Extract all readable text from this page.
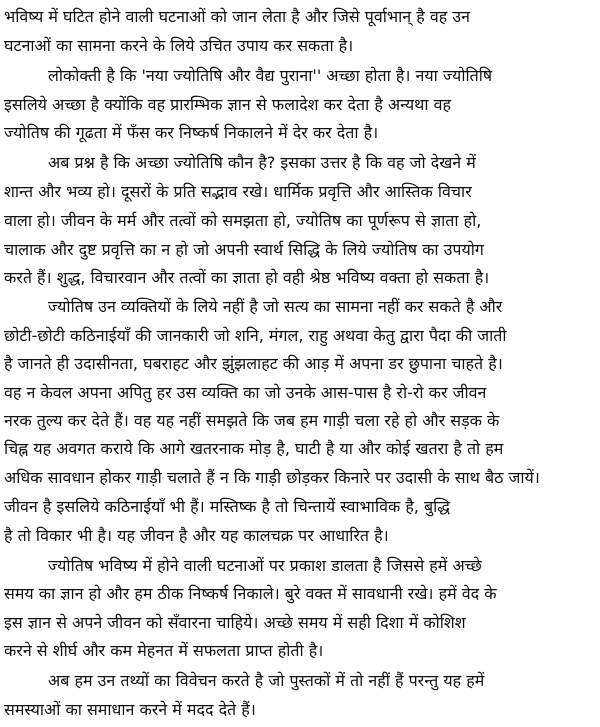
भविष्य में घटित होने वाली घटनाओं को जान लेता है और जिसे पूर्वाभान् है वह उन

घटनाओं का सामना करने के लिये उचित उपाय कर सकता है।

लोकोक्ती है कि 'नया ज्योतिषि और वैद्य पुराना'' अच्छा होता है। नया ज्योतिषि

इसलिये अच्छा है क्योंकि वह प्रारम्भिक ज्ञान से फलादेश कर देता है अन्यथा वह

ज्योतिष की गूढता में फँस कर निष्कर्ष निकालने में देर कर देता है।

अब प्रश्न है कि अच्छा ज्योतिषि कौन है? इसका उत्तर है कि वह जो देखने में

शान्त और भव्य हो। दूसरों के प्रति सद्भाव रखे। धार्मिक प्रवृत्ति और आस्तिक विचार

वाला हो। जीवन के मर्म और तत्वों को समझता हो, ज्योतिष का पूर्णरूप से ज्ञाता हो,

चालाक और दुष्ट प्रवृत्ति का न हो जो अपनी स्वार्थ सिद्धि के लिये ज्योतिष का उपयोग

करते हैं। शुद्ध, विचारवान और तत्वों का ज्ञाता हो वही श्रेष्ठ भविष्य वक्ता हो सकता है।

ज्योतिष उन व्यक्तियों के लिये नहीं है जो सत्य का सामना नहीं कर सकते है और

छोटी-छोटी कठिनाईयाँ की जानकारी जो शनि, मंगल, राहु अथवा केतु द्वारा पैदा की जाती

है जानते ही उदासीनता, घबराहट और झुंझलाहट की आड़ में अपना डर छुपाना चाहते है।

वह न केवल अपना अपितु हर उस व्यक्ति का जो उनके आस-पास है रो-रो कर जीवन

नरक तुल्य कर देते हैं। वह यह नहीं समझते कि जब हम गाड़ी चला रहे हो और सड़क के

चिह्न यह अवगत कराये कि आगे खतरनाक मोड़ है, घाटी है या और कोई खतरा है तो हम

अधिक सावधान होकर गाड़ी चलाते हैं न कि गाड़ी छोड़कर किनारे पर उदासी के साथ बैठ जायें।

जीवन है इसलिये कठिनाईयाँ भी हैं। मस्तिष्क है तो चिन्तायें स्वाभाविक है, बुद्धि

है तो विकार भी है। यह जीवन है और यह कालचक्र पर आधारित है।

ज्योतिष भविष्य में होने वाली घटनाओं पर प्रकाश डालता है जिससे हमें अच्छे

समय का ज्ञान हो और हम ठीक निष्कर्ष निकाले। बुरे वक्त में सावधानी रखे। हमें वेद के

इस ज्ञान से अपने जीवन को सँवारना चाहिये। अच्छे समय में सही दिशा में कोशिश

करने से शीर्घ और कम मेहनत में सफलता प्राप्त होती है।

अब हम उन तथ्यों का विवेचन करते है जो पुस्तकों में तो नहीं हैं परन्तु यह हमें

समस्याओं का समाधान करने में मदद देते हैं।
